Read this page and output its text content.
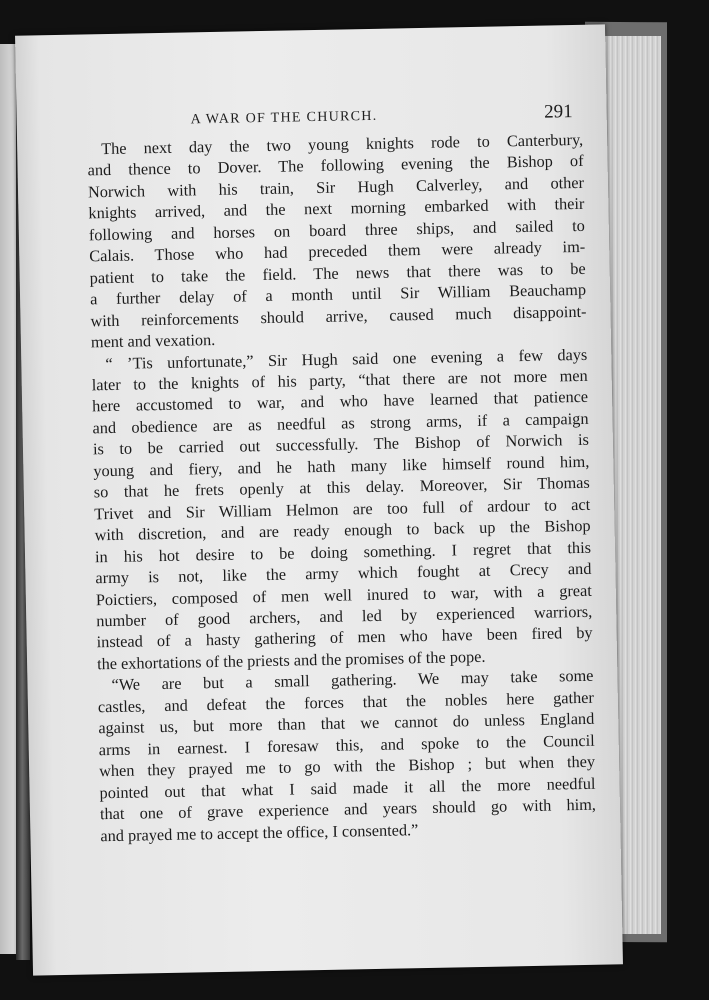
A WAR OF THE CHURCH.	291

The next day the two young knights rode to Canterbury,
and thence to Dover. The following evening the Bishop of
Norwich with his train, Sir Hugh Calverley, and other
knights arrived, and the next morning embarked with their
following and horses on board three ships, and sailed to
Calais. Those who had preceded them were already im-
patient to take the field. The news that there was to be
a further delay of a month until Sir William Beauchamp
with reinforcements should arrive, caused much disappoint-
ment and vexation.

“ ’Tis unfortunate,” Sir Hugh said one evening a few days
later to the knights of his party, “that there are not more men
here accustomed to war, and who have learned that patience
and obedience are as needful as strong arms, if a campaign
is to be carried out successfully. The Bishop of Norwich is
young and fiery, and he hath many like himself round him,
so that he frets openly at this delay. Moreover, Sir Thomas
Trivet and Sir William Helmon are too full of ardour to act
with discretion, and are ready enough to back up the Bishop
in his hot desire to be doing something. I regret that this
army is not, like the army which fought at Crecy and
Poictiers, composed of men well inured to war, with a great
number of good archers, and led by experienced warriors,
instead of a hasty gathering of men who have been fired by
the exhortations of the priests and the promises of the pope.

“We are but a small gathering. We may take some
castles, and defeat the forces that the nobles here gather
against us, but more than that we cannot do unless England
arms in earnest. I foresaw this, and spoke to the Council
when they prayed me to go with the Bishop ; but when they
pointed out that what I said made it all the more needful
that one of grave experience and years should go with him,
and prayed me to accept the office, I consented.”
